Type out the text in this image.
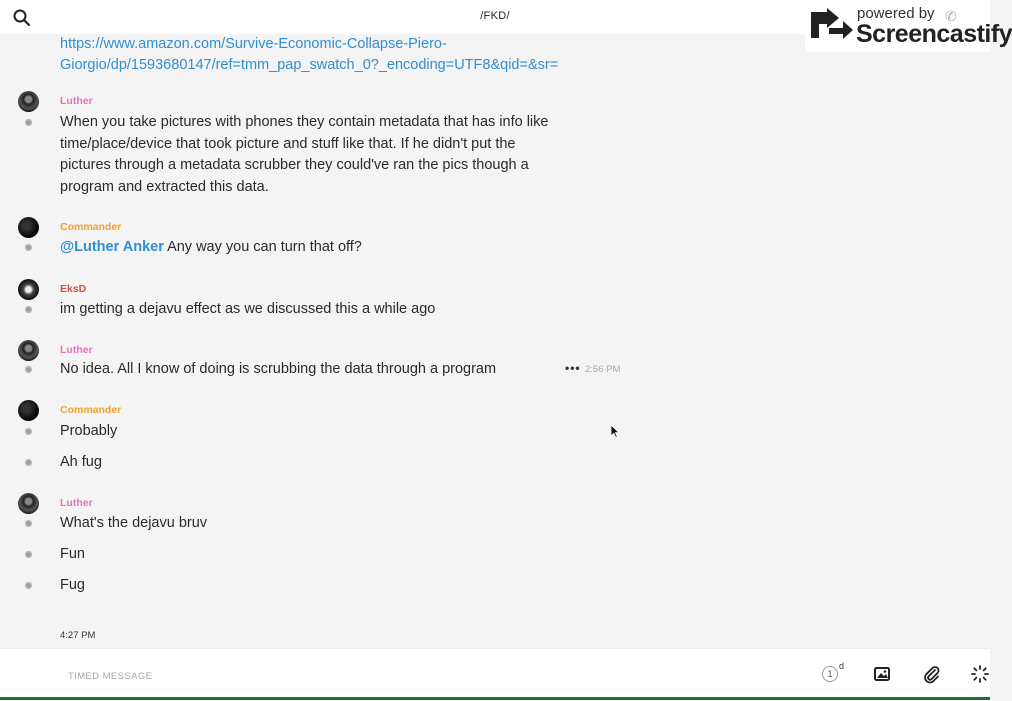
/FKD/	powered by
Screencastify
✆
https://www.amazon.com/Survive-Economic-Collapse-Piero-Giorgio/dp/1593680147/ref=tmm_pap_swatch_0?_encoding=UTF8&qid=&sr=
Luther
When you take pictures with phones they contain metadata that has info like time/place/device that took picture and stuff like that. If he didn't put the pictures through a metadata scrubber they could've ran the pics though a program and extracted this data.
Commander
@Luther Anker Any way you can turn that off?
EksD
im getting a dejavu effect as we discussed this a while ago
Luther
No idea. All I know of doing is scrubbing the data through a program	••• 2:56 PM
Commander
Probably
Ah fug
Luther
What's the dejavu bruv
Fun
Fug
4:27 PM
TIMED MESSAGE
1
d
